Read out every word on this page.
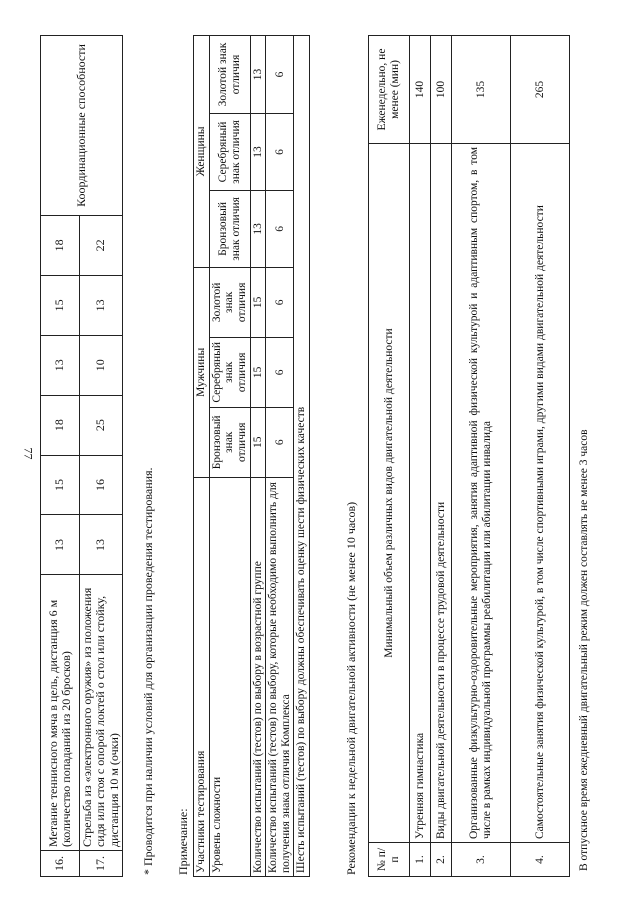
77
16.	Метание теннисного мяча в цель, дистанция 6 м (количество попаданий из 20 бросков)	13	15	18	13	15	18	Координационные способности
17.	Стрельба из «электронного оружия» из положения сидя или стоя с опорой локтей о стол или стойку, дистанция 10 м (очки)	13	16	25	10	13	22	
* Проводится при наличии условий для организации проведения тестирования. Примечание: Участники тестирования	Мужчины			Женщины		
Уровень сложности	Бронзовый знак отличия	Серебряный знак отличия	Золотой знак отличия	Бронзовый знак отличия	Серебряный знак отличия	Золотой знак отличия
Количество испытаний (тестов) по выбору в возрастной группе	15	15	15	13	13	13
Количество испытаний (тестов) по выбору, которые необходимо выполнить для получения знака отличия Комплекса	6	6	6	6	6	6
Шесть испытаний (тестов) по выбору должны обеспечивать оценку шести физических качеств							Рекомендации к недельной двигательной активности (не менее 10 часов) № п/п	Минимальный объем различных видов двигательной деятельности	Еженедельно, не менее (мин)
1.	Утренняя гимнастика	140
2.	Виды двигательной деятельности в процессе трудовой деятельности	100
3.	Организованные физкультурно-оздоровительные мероприятия, занятия адаптивной физической культурой и адаптивным спортом, в том числе в рамках индивидуальной программы реабилитации или абилитации инвалида	135
4.	Самостоятельные занятия физической культурой, в том числе спортивными играми, другими видами двигательной деятельности	265
В отпускное время ежедневный двигательный режим должен составлять не менее 3 часов
